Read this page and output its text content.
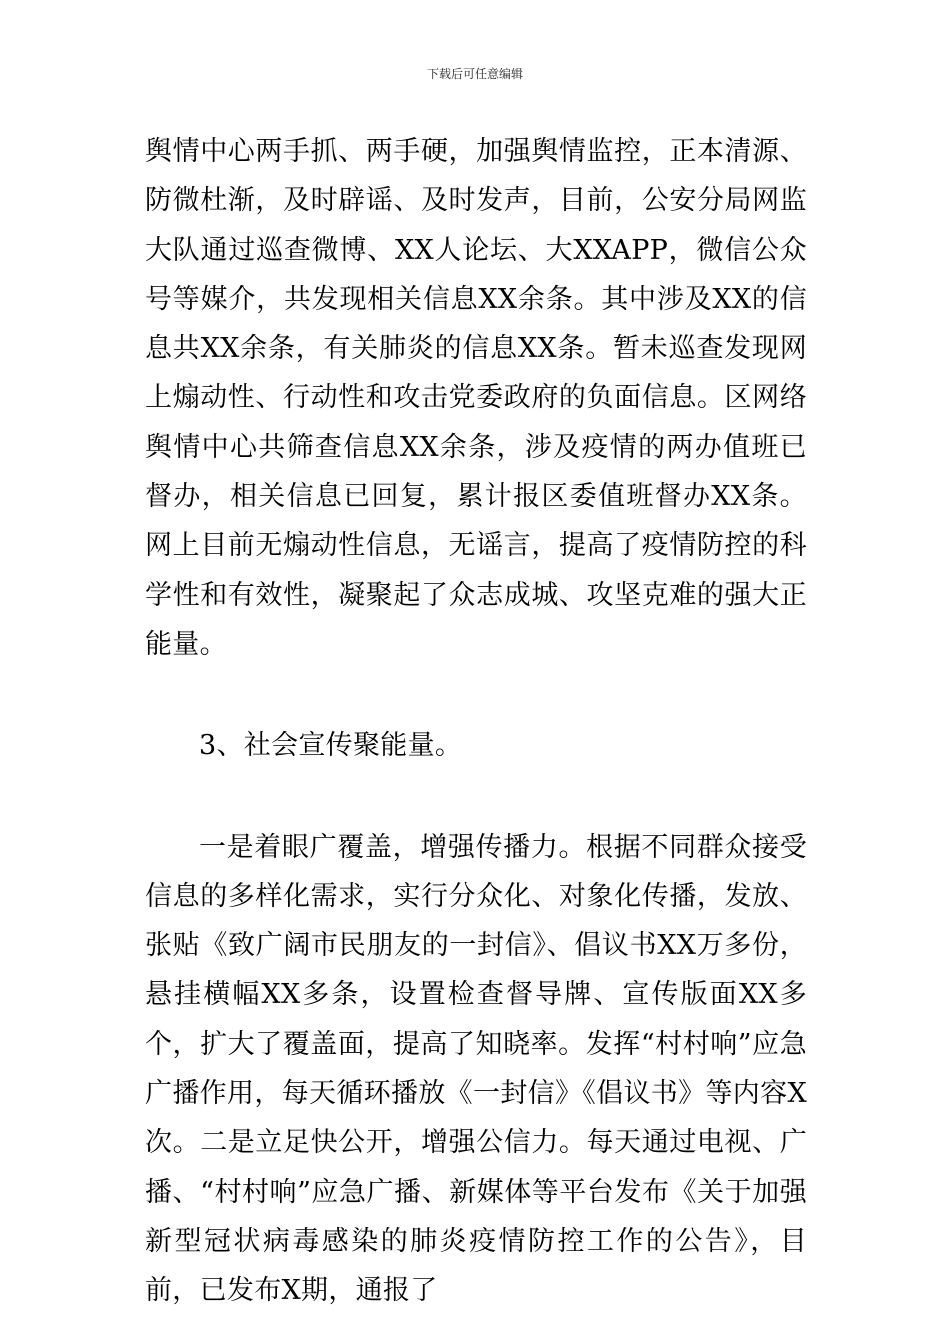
下载后可任意编辑

舆情中心两手抓、两手硬，加强舆情监控，正本清源、防微杜渐，及时辟谣、及时发声，目前，公安分局网监大队通过巡查微博、XX人论坛、大XXAPP，微信公众号等媒介，共发现相关信息XX余条。其中涉及XX的信息共XX余条，有关肺炎的信息XX条。暂未巡查发现网上煽动性、行动性和攻击党委政府的负面信息。区网络舆情中心共筛查信息XX余条，涉及疫情的两办值班已督办，相关信息已回复，累计报区委值班督办XX条。网上目前无煽动性信息，无谣言，提高了疫情防控的科学性和有效性，凝聚起了众志成城、攻坚克难的强大正能量。

3、社会宣传聚能量。

一是着眼广覆盖，增强传播力。根据不同群众接受信息的多样化需求，实行分众化、对象化传播，发放、张贴《致广阔市民朋友的一封信》、倡议书XX万多份，悬挂横幅XX多条，设置检查督导牌、宣传版面XX多个，扩大了覆盖面，提高了知晓率。发挥“村村响”应急广播作用，每天循环播放《一封信》《倡议书》等内容X次。二是立足快公开，增强公信力。每天通过电视、广播、“村村响”应急广播、新媒体等平台发布《关于加强新型冠状病毒感染的肺炎疫情防控工作的公告》，目前，已发布X期，通报了
